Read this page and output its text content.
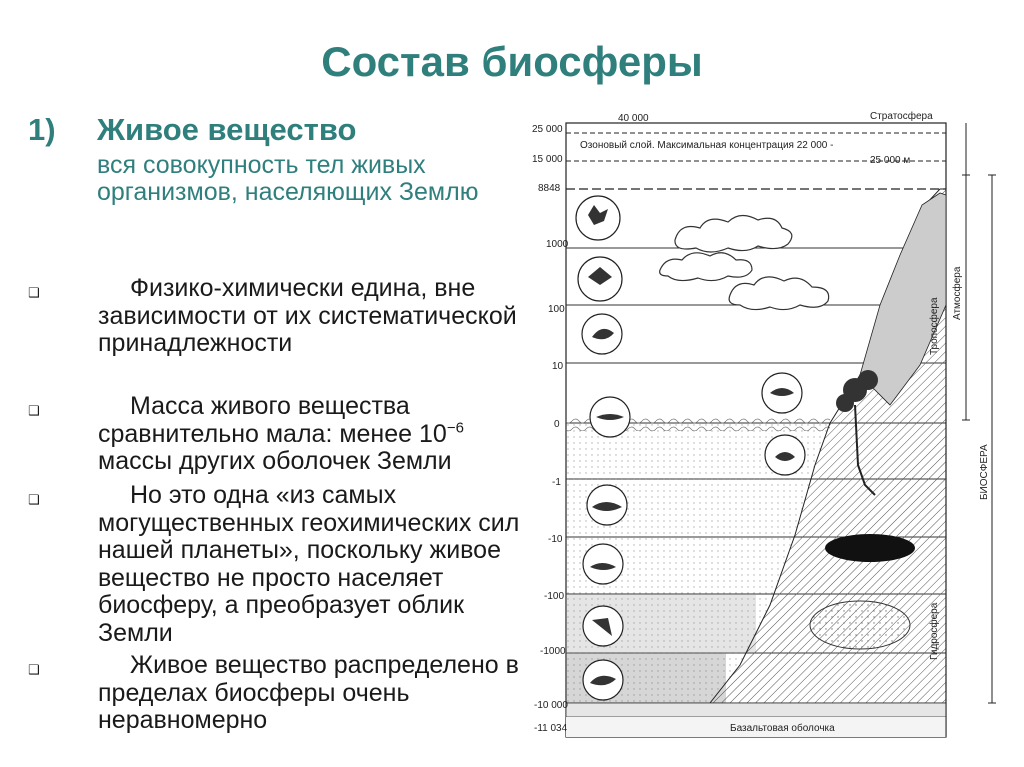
Состав биосферы
1) Живое вещество
вся совокупность тел живых организмов, населяющих Землю
❑	Физико-химически едина, вне зависимости от их систематической принадлежности
❑	Масса живого вещества сравнительно мала: менее $10^{-6}$ массы других оболочек Земли
❑	Но это одна «из самых могущественных геохимических сил нашей планеты», поскольку живое вещество не просто населяет биосферу, а преобразует облик Земли
❑	Живое вещество распределено в пределах биосферы очень неравномерно
40 000
25 000
15 000
8848
1000
100
10
0
-1
-10
-100
-1000
-10 000
-11 034
Стратосфера
Озоновый слой. Максимальная концентрация 22 000 -
25 000 м
Тропосфера
Атмосфера
Гидросфера
БИОСФЕРА
Базальтовая оболочка
